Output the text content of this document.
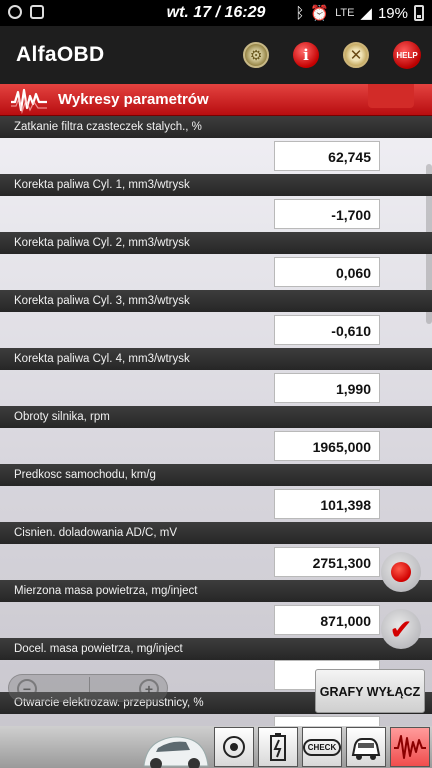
wt. 17 / 16:29	ᛒ ⏰ LTE ◢ 19%
AlfaOBD	⚙	i	✕	HELP
Wykresy parametrów
Zatkanie filtra czasteczek stalych., %
62,745
Korekta paliwa Cyl. 1, mm3/wtrysk
-1,700
Korekta paliwa Cyl. 2, mm3/wtrysk
0,060
Korekta paliwa Cyl. 3, mm3/wtrysk
-0,610
Korekta paliwa Cyl. 4, mm3/wtrysk
1,990
Obroty silnika, rpm
1965,000
Predkosc samochodu, km/g
101,398
Cisnien. doladowania AD/C, mV
2751,300
Mierzona masa powietrza, mg/inject
871,000
Docel. masa powietrza, mg/inject
Otwarcie elektrozaw. przepustnicy, %
✔
−	+	GRAFY WYŁĄCZ
CHECK
